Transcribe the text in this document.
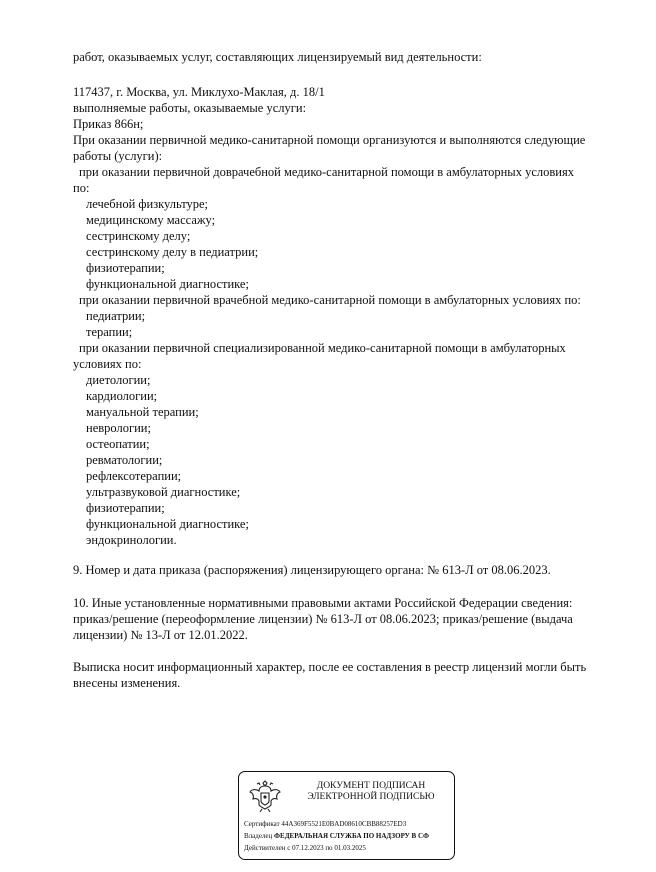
работ, оказываемых услуг, составляющих лицензируемый вид деятельности:
117437, г. Москва, ул. Миклухо-Маклая, д. 18/1
выполняемые работы, оказываемые услуги:
Приказ 866н;
При оказании первичной медико-санитарной помощи организуются и выполняются следующие
работы (услуги):
при оказании первичной доврачебной медико-санитарной помощи в амбулаторных условиях
по:
лечебной физкультуре;
медицинскому массажу;
сестринскому делу;
сестринскому делу в педиатрии;
физиотерапии;
функциональной диагностике;
при оказании первичной врачебной медико-санитарной помощи в амбулаторных условиях по:
педиатрии;
терапии;
при оказании первичной специализированной медико-санитарной помощи в амбулаторных
условиях по:
диетологии;
кардиологии;
мануальной терапии;
неврологии;
остеопатии;
ревматологии;
рефлексотерапии;
ультразвуковой диагностике;
физиотерапии;
функциональной диагностике;
эндокринологии.
9. Номер и дата приказа (распоряжения) лицензирующего органа: № 613-Л от 08.06.2023.
10. Иные установленные нормативными правовыми актами Российской Федерации сведения:
приказ/решение (переоформление лицензии) № 613-Л от 08.06.2023; приказ/решение (выдача
лицензии) № 13-Л от 12.01.2022.
Выписка носит информационный характер, после ее составления в реестр лицензий могли быть
внесены изменения.
ДОКУМЕНТ ПОДПИСАН
ЭЛЕКТРОННОЙ ПОДПИСЬЮ
Сертификат 44A369F5521E0BAD08610CBB88257ED3
Владелец ФЕДЕРАЛЬНАЯ СЛУЖБА ПО НАДЗОРУ В СФ
Действителен с 07.12.2023 по 01.03.2025
